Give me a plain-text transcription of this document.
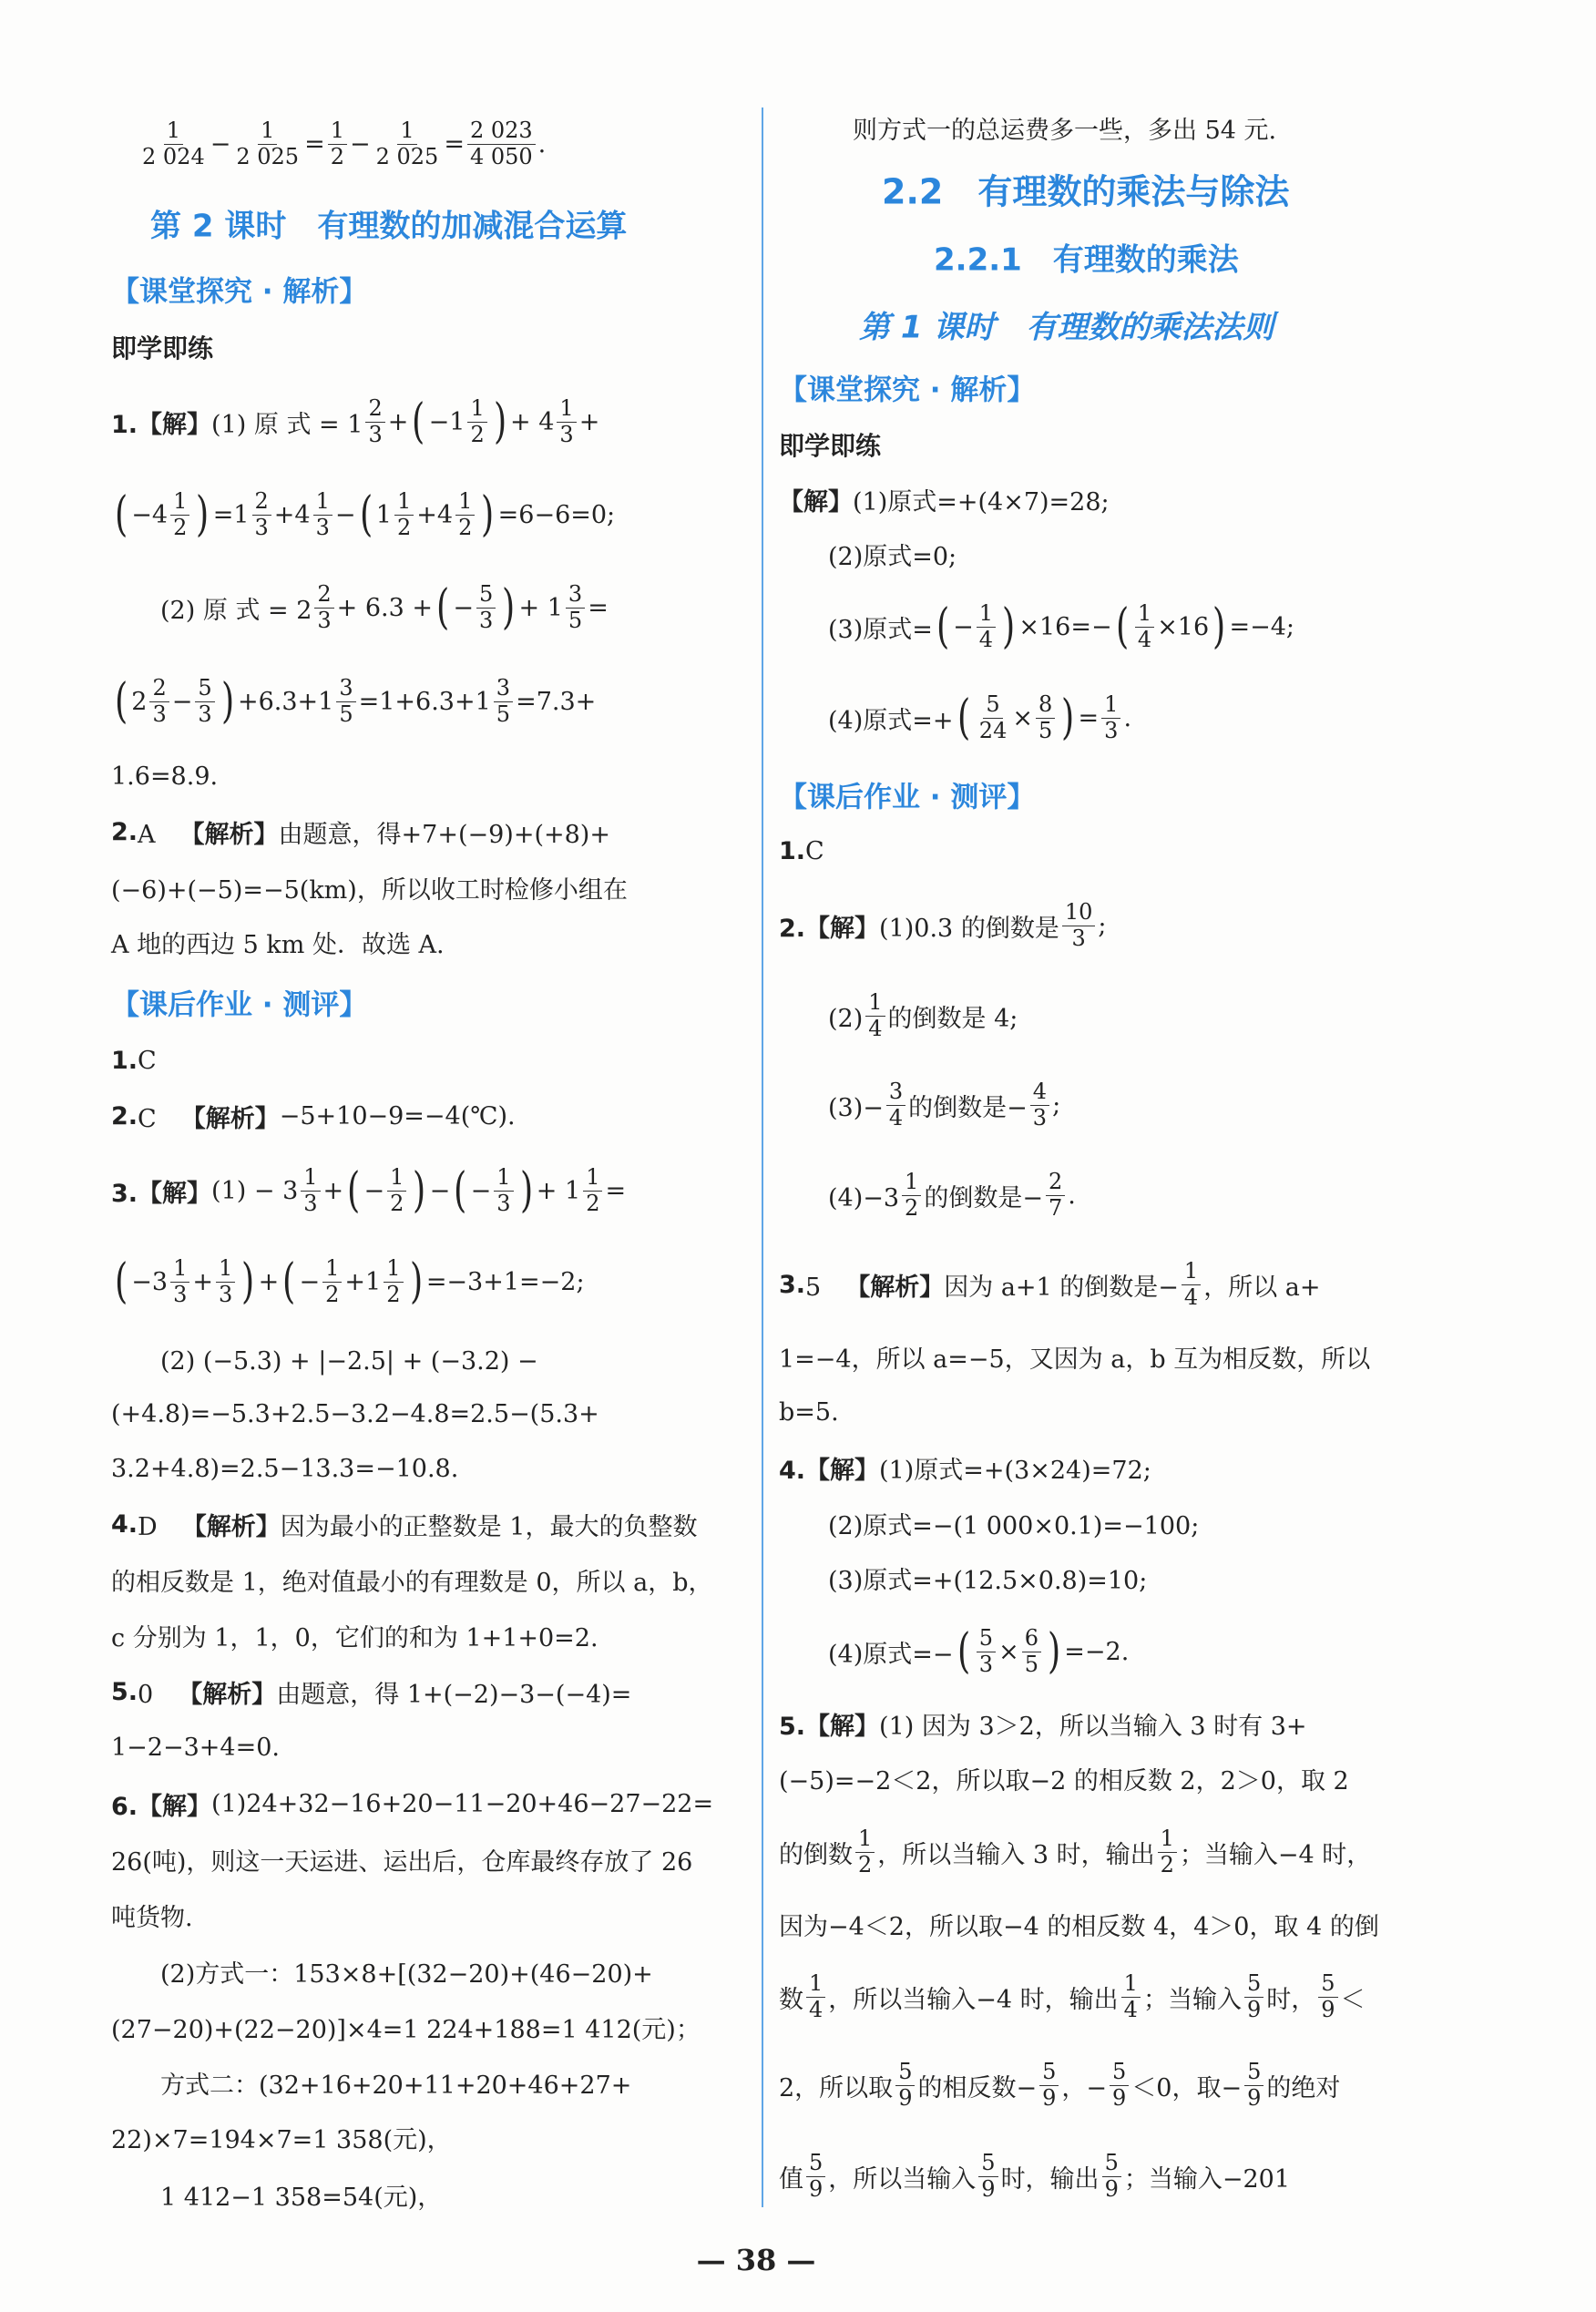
第 2 课时　有理数的加减混合运算
【课堂探究 · 解析】
即学即练
【课后作业 · 测评】
2.2　有理数的乘法与除法
2.2.1　有理数的乘法
第 1 课时　有理数的乘法法则
【课堂探究 · 解析】
即学即练
【课后作业 · 测评】
$\frac{1}{2 024} - \frac{1}{2 025} = \frac{1}{2} - \frac{1}{2 025} = \frac{2 023}{4 050}$ .
1.【解】 (1) 原 式 = $1 \frac{2}{3}$ + ( $-1 \frac{1}{2}$ ) + $4 \frac{1}{3}$ +
( $-4 \frac{1}{2}$ ) $=1 \frac{2}{3} +4 \frac{1}{3}$ − ( $1 \frac{1}{2} +4 \frac{1}{2}$ ) =6−6=0;
　　(2) 原 式 = $2 \frac{2}{3} + 6.3$ + ( − $\frac{5}{3}$ ) + $1 \frac{3}{5}$ =
( $2 \frac{2}{3} - \frac{5}{3}$ ) $+6.3+1 \frac{3}{5} =1+6.3+1 \frac{3}{5} =7.3+$
1.6=8.9.
2. A　 【解析】 由题意，得+7+(−9)+(+8)+
(−6)+(−5)=−5(km)，所以收工时检修小组在
A 地的西边 5 km 处．故选 A.
1. C
2. C　 【解析】 −5+10−9=−4(℃).
3.【解】 $(1) - 3 \frac{1}{3}$ + ( − $\frac{1}{2}$ ) − ( − $\frac{1}{3}$ ) + $1 \frac{1}{2}$ =
( $-3 \frac{1}{3} + \frac{1}{3}$ ) + ( − $\frac{1}{2} +1 \frac{1}{2}$ ) =−3+1=−2;
　　(2) (−5.3) + |−2.5| + (−3.2) −
(+4.8)=−5.3+2.5−3.2−4.8=2.5−(5.3+
3.2+4.8)=2.5−13.3=−10.8.
4. D　 【解析】 因为最小的正整数是 1，最大的负整数
的相反数是 1，绝对值最小的有理数是 0，所以 a，b，
c 分别为 1，1，0，它们的和为 1+1+0=2.
5. 0　 【解析】 由题意，得 1+(−2)−3−(−4)=
1−2−3+4=0.
6.【解】 (1)24+32−16+20−11−20+46−27−22=
26(吨)，则这一天运进、运出后，仓库最终存放了 26
吨货物.
　　(2)方式一：153×8+[(32−20)+(46−20)+
(27−20)+(22−20)]×4=1 224+188=1 412(元)；
　　方式二：(32+16+20+11+20+46+27+
22)×7=194×7=1 358(元)，
　　1 412−1 358=54(元)，
　　　则方式一的总运费多一些，多出 54 元.
【解】 (1)原式=+(4×7)=28;
　　(2)原式=0;
　　(3)原式= ( − $\frac{1}{4}$ ) ×16=− ( $\frac{1}{4} \times 16$ ) =−4;
　　(4)原式=+ ( $\frac{5}{24} \times \frac{8}{5}$ ) = $\frac{1}{3}$ .
1. C
2.【解】 (1)0.3 的倒数是 $\frac{10}{3}$ ;
　　$(2) \frac{1}{4}$ 的倒数是 4;
　　$(3)- \frac{3}{4}$ 的倒数是− $\frac{4}{3}$ ;
　　$(4)-3 \frac{1}{2}$ 的倒数是− $\frac{2}{7}$ .
3. 5　 【解析】 因为 a+1 的倒数是− $\frac{1}{4}$ ，所以 a+
1=−4，所以 a=−5，又因为 a，b 互为相反数，所以
b=5.
4.【解】 (1)原式=+(3×24)=72;
　　(2)原式=−(1 000×0.1)=−100;
　　(3)原式=+(12.5×0.8)=10;
　　(4)原式=− ( $\frac{5}{3} \times \frac{6}{5}$ ) =−2.
5.【解】 (1) 因为 3＞2，所以当输入 3 时有 3+
(−5)=−2＜2，所以取−2 的相反数 2，2＞0，取 2
的倒数 $\frac{1}{2}$ ，所以当输入 3 时，输出 $\frac{1}{2}$ ；当输入−4 时，
因为−4＜2，所以取−4 的相反数 4，4＞0，取 4 的倒
数 $\frac{1}{4}$ ，所以当输入−4 时，输出 $\frac{1}{4}$ ；当输入 $\frac{5}{9}$ 时， $\frac{5}{9}$ ＜
2，所以取 $\frac{5}{9}$ 的相反数− $\frac{5}{9}$ ，− $\frac{5}{9} <0$，取− $\frac{5}{9}$ 的绝对
值 $\frac{5}{9}$ ，所以当输入 $\frac{5}{9}$ 时，输出 $\frac{5}{9}$ ；当输入−201
— 38 —
